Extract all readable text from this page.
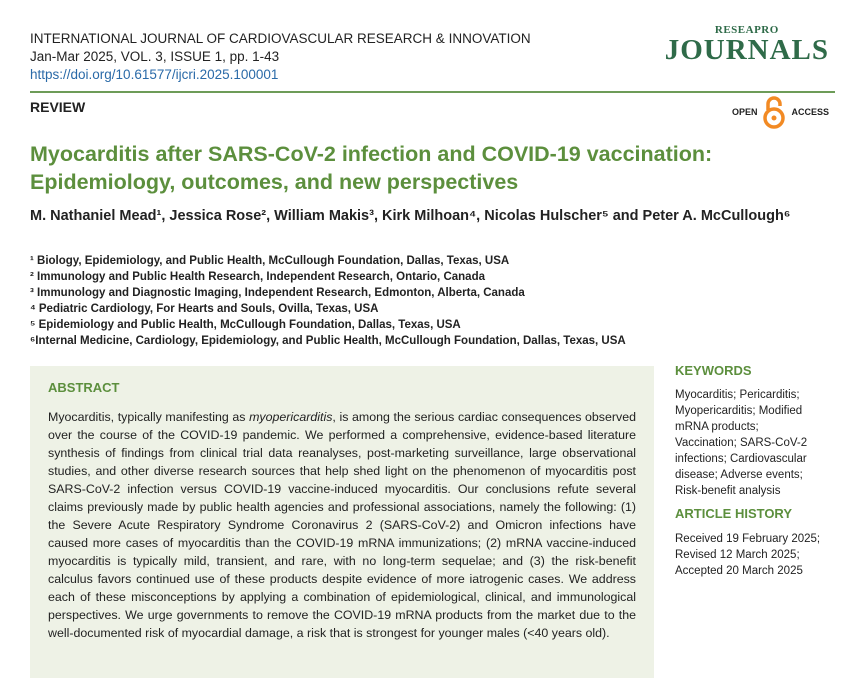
INTERNATIONAL JOURNAL OF CARDIOVASCULAR RESEARCH & INNOVATION
Jan-Mar 2025, VOL. 3, ISSUE 1, pp. 1-43
https://doi.org/10.61577/ijcri.2025.100001
RESEAPRO
JOURNALS
REVIEW	OPEN	ACCESS
Myocarditis after SARS-CoV-2 infection and COVID-19 vaccination: Epidemiology, outcomes, and new perspectives
M. Nathaniel Mead¹, Jessica Rose², William Makis³, Kirk Milhoan⁴, Nicolas Hulscher⁵ and Peter A. McCullough⁶
¹ Biology, Epidemiology, and Public Health, McCullough Foundation, Dallas, Texas, USA
² Immunology and Public Health Research, Independent Research, Ontario, Canada
³ Immunology and Diagnostic Imaging, Independent Research, Edmonton, Alberta, Canada
⁴ Pediatric Cardiology, For Hearts and Souls, Ovilla, Texas, USA
⁵ Epidemiology and Public Health, McCullough Foundation, Dallas, Texas, USA
⁶Internal Medicine, Cardiology, Epidemiology, and Public Health, McCullough Foundation, Dallas, Texas, USA
ABSTRACT
Myocarditis, typically manifesting as myopericarditis, is among the serious cardiac consequences observed over the course of the COVID-19 pandemic. We performed a comprehensive, evidence-based literature synthesis of findings from clinical trial data reanalyses, post-marketing surveillance, large observational studies, and other diverse research sources that help shed light on the phenomenon of myocarditis post SARS-CoV-2 infection versus COVID-19 vaccine-induced myocarditis. Our conclusions refute several claims previously made by public health agencies and professional associations, namely the following: (1) the Severe Acute Respiratory Syndrome Coronavirus 2 (SARS-CoV-2) and Omicron infections have caused more cases of myocarditis than the COVID-19 mRNA immunizations; (2) mRNA vaccine-induced myocarditis is typically mild, transient, and rare, with no long-term sequelae; and (3) the risk-benefit calculus favors continued use of these products despite evidence of more iatrogenic cases. We address each of these misconceptions by applying a combination of epidemiological, clinical, and immunological perspectives. We urge governments to remove the COVID-19 mRNA products from the market due to the well-documented risk of myocardial damage, a risk that is strongest for younger males (<40 years old).
KEYWORDS
Myocarditis; Pericarditis;
Myopericarditis; Modified
mRNA products;
Vaccination; SARS-CoV-2
infections; Cardiovascular
disease; Adverse events;
Risk-benefit analysis
ARTICLE HISTORY
Received 19 February 2025;
Revised 12 March 2025;
Accepted 20 March 2025
